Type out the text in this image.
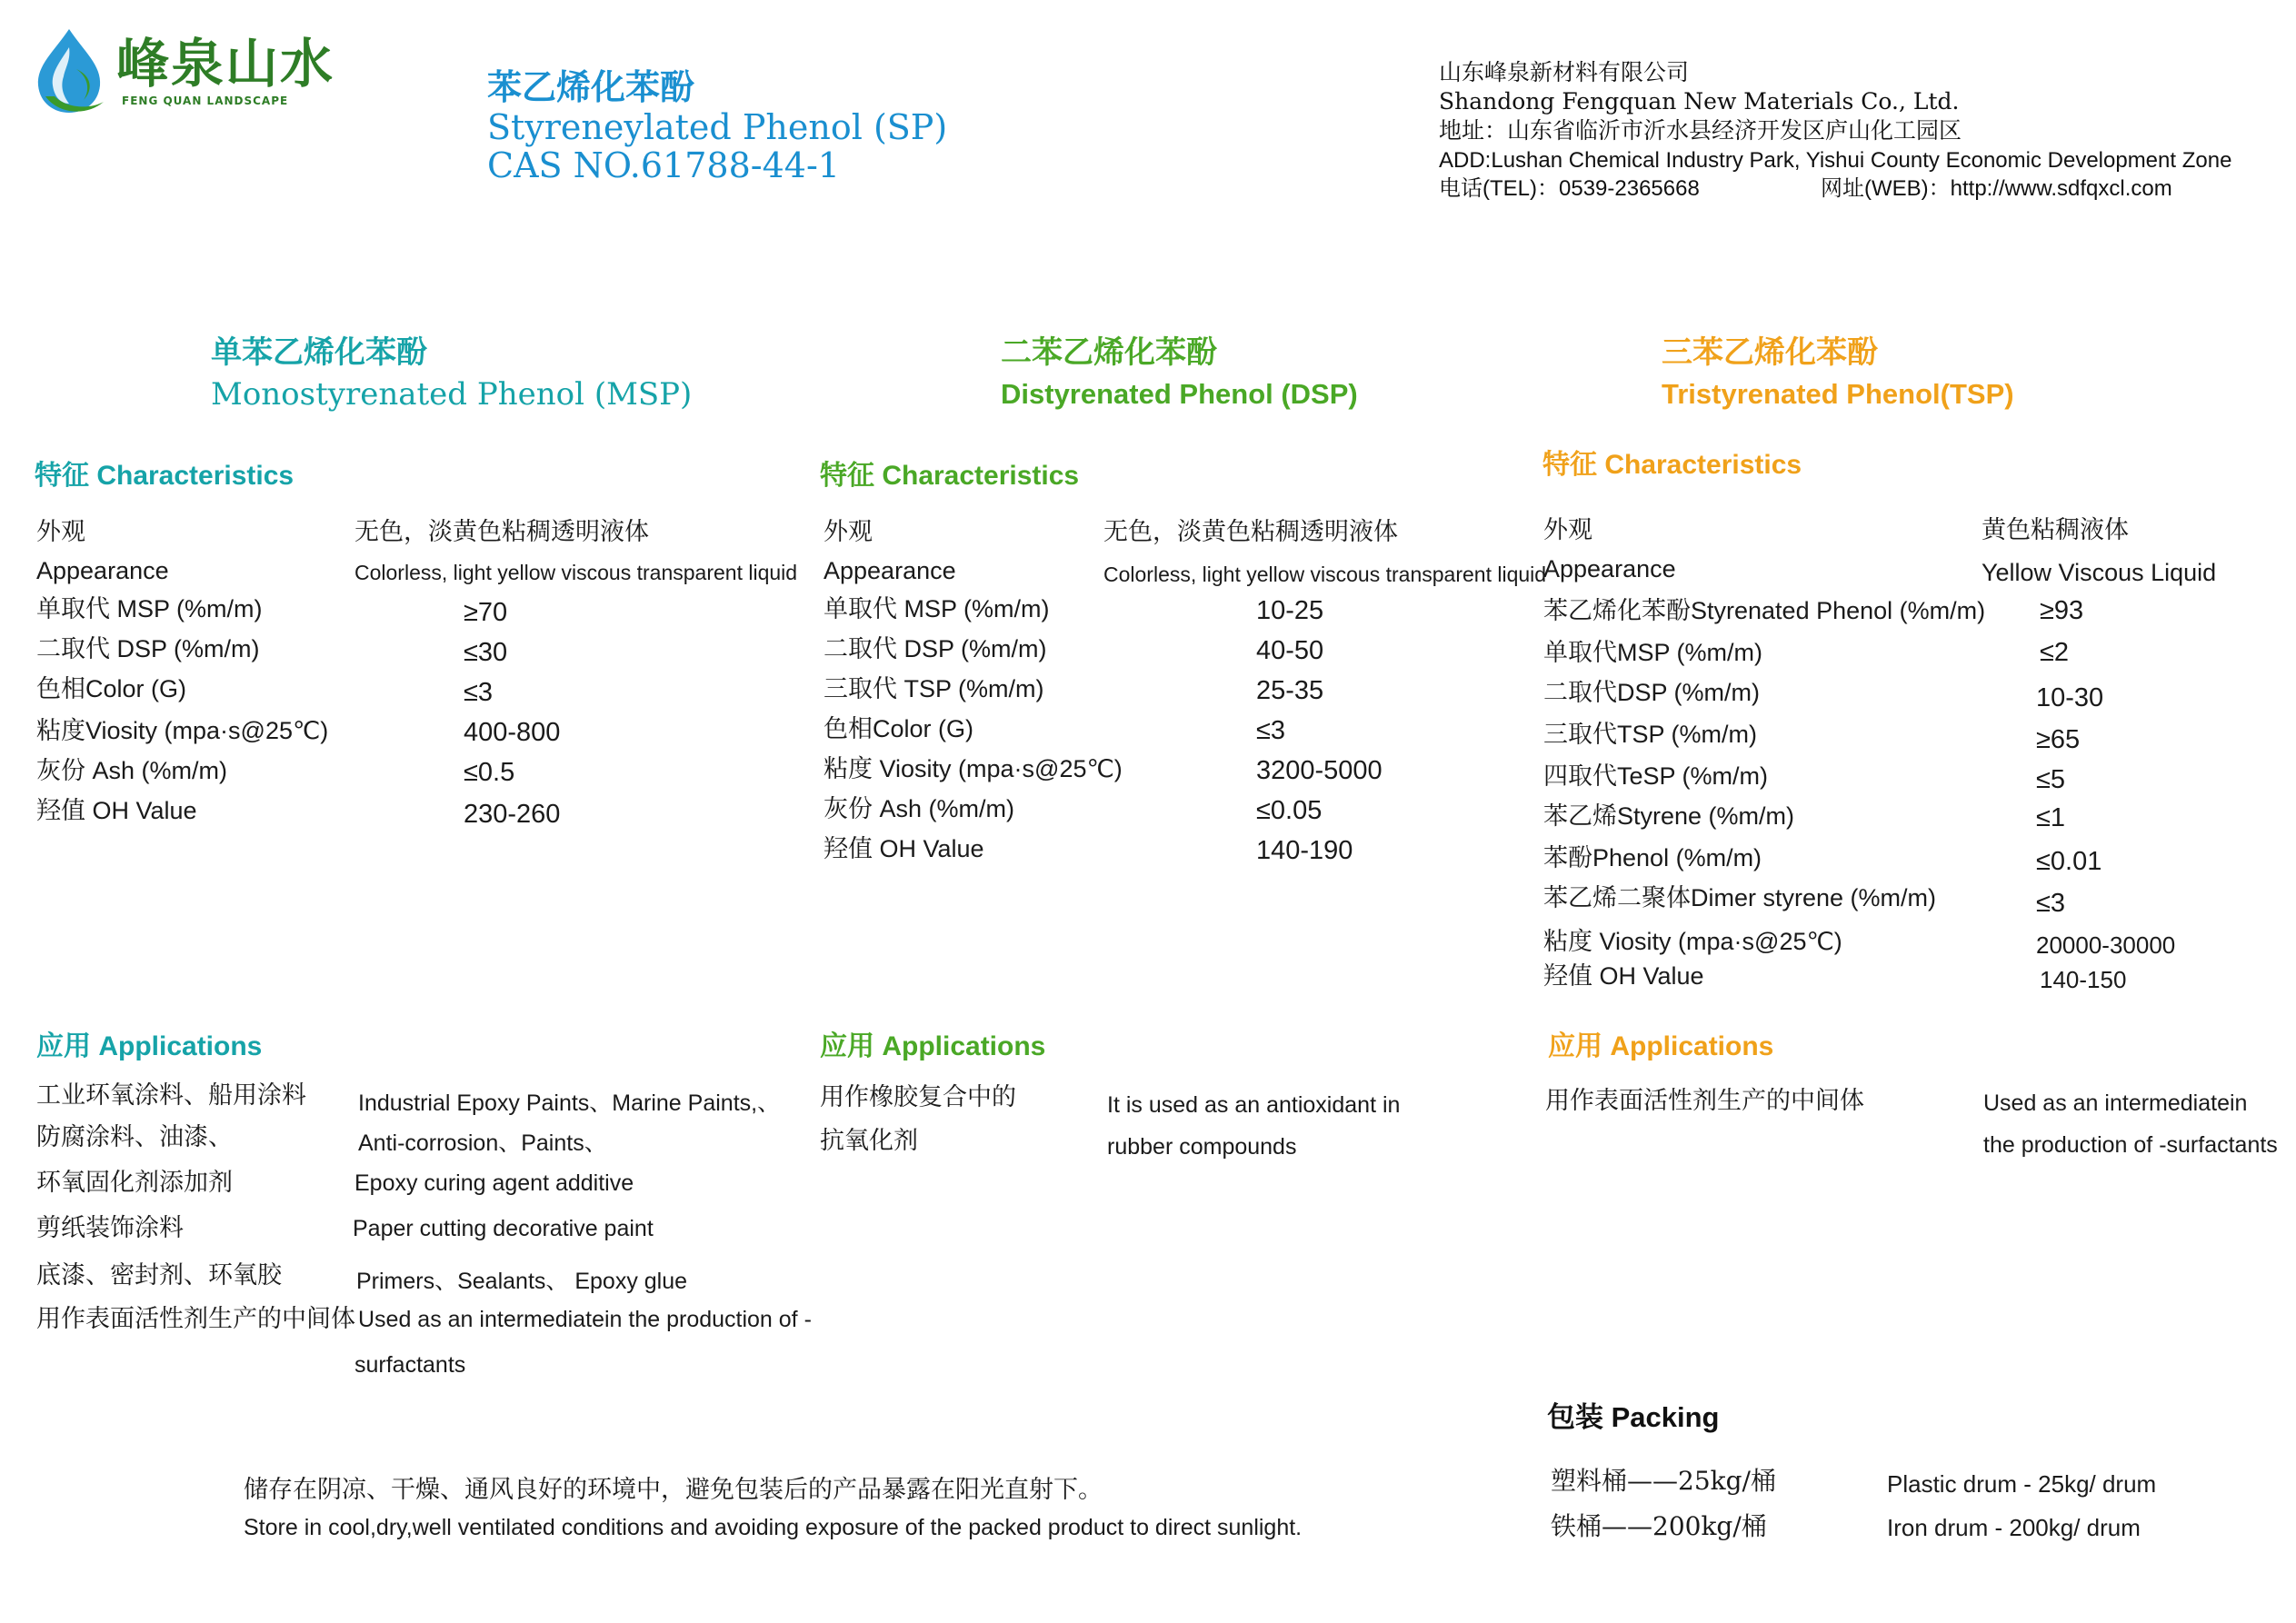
峰泉山水
FENG QUAN LANDSCAPE	苯乙烯化苯酚
Styreneylated Phenol (SP)
CAS NO.61788-44-1
山东峰泉新材料有限公司
Shandong Fengquan New Materials Co., Ltd.
地址：山东省临沂市沂水县经济开发区庐山化工园区
ADD:Lushan Chemical Industry Park, Yishui County Economic Development Zone
电话(TEL)：0539-2365668	网址(WEB)：http://www.sdfqxcl.com
单苯乙烯化苯酚
Monostyrenated Phenol (MSP)
特征 Characteristics
外观	无色，淡黄色粘稠透明液体
Appearance	Colorless, light yellow viscous transparent liquid
单取代 MSP (%m/m)	≥70
二取代 DSP (%m/m)	≤30
色相Color (G)	≤3
粘度Viosity (mpa·s@25℃)	400-800
灰份 Ash (%m/m)	≤0.5
羟值 OH Value	230-260
应用 Applications
工业环氧涂料、船用涂料 Industrial Epoxy Paints、Marine Paints,、
防腐涂料、油漆、	Anti-corrosion、Paints、
环氧固化剂添加剂	Epoxy curing agent additive
剪纸装饰涂料	Paper cutting decorative paint
底漆、密封剂、环氧胶	Primers、Sealants、 Epoxy glue
用作表面活性剂生产的中间体 Used as an intermediatein the production of -
surfactants
二苯乙烯化苯酚
Distyrenated Phenol (DSP)
特征 Characteristics
外观	无色，淡黄色粘稠透明液体
Appearance	Colorless, light yellow viscous transparent liquid
单取代 MSP (%m/m)	10-25
二取代 DSP (%m/m)	40-50
三取代 TSP (%m/m)	25-35
色相Color (G)	≤3
粘度 Viosity (mpa·s@25℃)	3200-5000
灰份 Ash (%m/m)	≤0.05
羟值 OH Value	140-190
应用 Applications
用作橡胶复合中的
抗氧化剂
It is used as an antioxidant in
rubber compounds
三苯乙烯化苯酚
Tristyrenated Phenol(TSP)
特征 Characteristics
外观	黄色粘稠液体
Appearance	Yellow Viscous Liquid
苯乙烯化苯酚Styrenated Phenol (%m/m) ≥93
单取代MSP (%m/m)	≤2
二取代DSP (%m/m)	10-30
三取代TSP (%m/m)	≥65
四取代TeSP (%m/m)	≤5
苯乙烯Styrene (%m/m)	≤1
苯酚Phenol (%m/m)	≤0.01
苯乙烯二聚体Dimer styrene (%m/m)	≤3
粘度 Viosity (mpa·s@25℃)	20000-30000
羟值 OH Value	140-150
应用 Applications
用作表面活性剂生产的中间体	Used as an intermediatein
the production of -surfactants
包装 Packing
塑料桶——25kg/桶	Plastic drum - 25kg/ drum
铁桶——200kg/桶	Iron drum - 200kg/ drum
储存在阴凉、干燥、通风良好的环境中，避免包装后的产品暴露在阳光直射下。
Store in cool,dry,well ventilated conditions and avoiding exposure of the packed product to direct sunlight.
